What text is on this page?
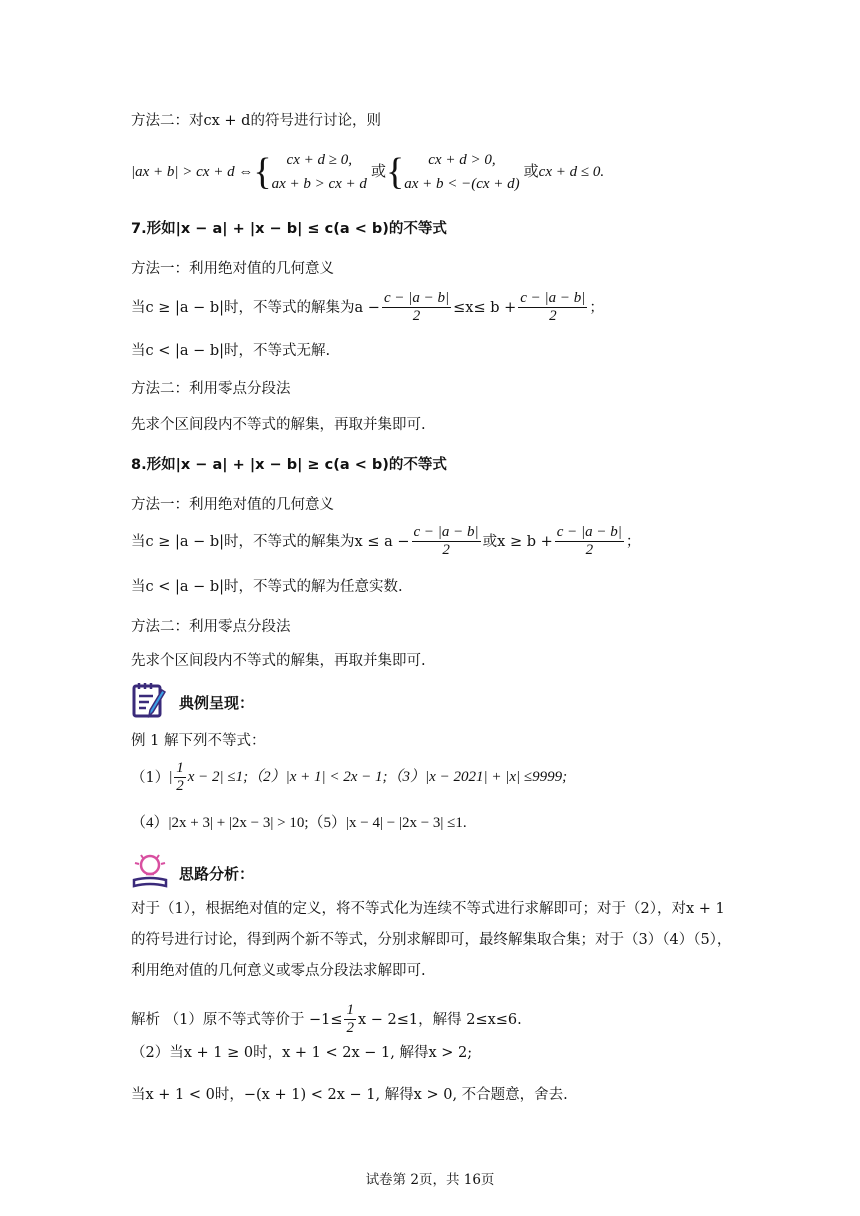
方法二：对cx + d的符号进行讨论，则
|ax + b| > cx + d ⇔ { cx + d ≥ 0,
ax + b > cx + d
或 {	cx + d > 0,
ax + b < −(cx + d)
或 cx + d ≤ 0.
7.形如|x − a| + |x − b| ≤ c(a < b)的不等式
方法一：利用绝对值的几何意义
当c ≥ |a − b|时，不等式的解集为$a - \frac{c - |a - b|}{2} \le x\le b + \frac{c - |a - b|}{2}$ ；
当c < |a − b|时，不等式无解.
方法二：利用零点分段法
先求个区间段内不等式的解集，再取并集即可.
8.形如|x − a| + |x − b| ≥ c(a < b)的不等式
方法一：利用绝对值的几何意义
当c ≥ |a − b|时，不等式的解集为$x \le a - \frac{c - |a - b|}{2}$ 或$x \ge b + \frac{c - |a - b|}{2}$ ；
当c < |a − b|时，不等式的解为任意实数.
方法二：利用零点分段法
先求个区间段内不等式的解集，再取并集即可.
典例呈现：
例 1 解下列不等式：
（1） | $\frac{1}{2}$ x − 2| ≤1;（2）|x + 1| < 2x − 1;（3）|x − 2021| + |x| ≤9999;
（4）|2x + 3| + |2x − 3| > 10;（5）|x − 4| − |2x − 3| ≤1.
思路分析：
对于（1），根据绝对值的定义，将不等式化为连续不等式进行求解即可；对于（2），对x + 1的符号进行讨论，得到两个新不等式，分别求解即可，最终解集取合集；对于（3）（4）（5），利用绝对值的几何意义或零点分段法求解即可.
解析 （1）原不等式等价于 $-1\le \frac{1}{2}$ x − 2≤1，解得 2≤x≤6.
（2）当x + 1 ≥ 0时，x + 1 < 2x − 1, 解得x > 2;
当x + 1 < 0时，−(x + 1) < 2x − 1, 解得x > 0, 不合题意，舍去.
试卷第 2页，共 16页
